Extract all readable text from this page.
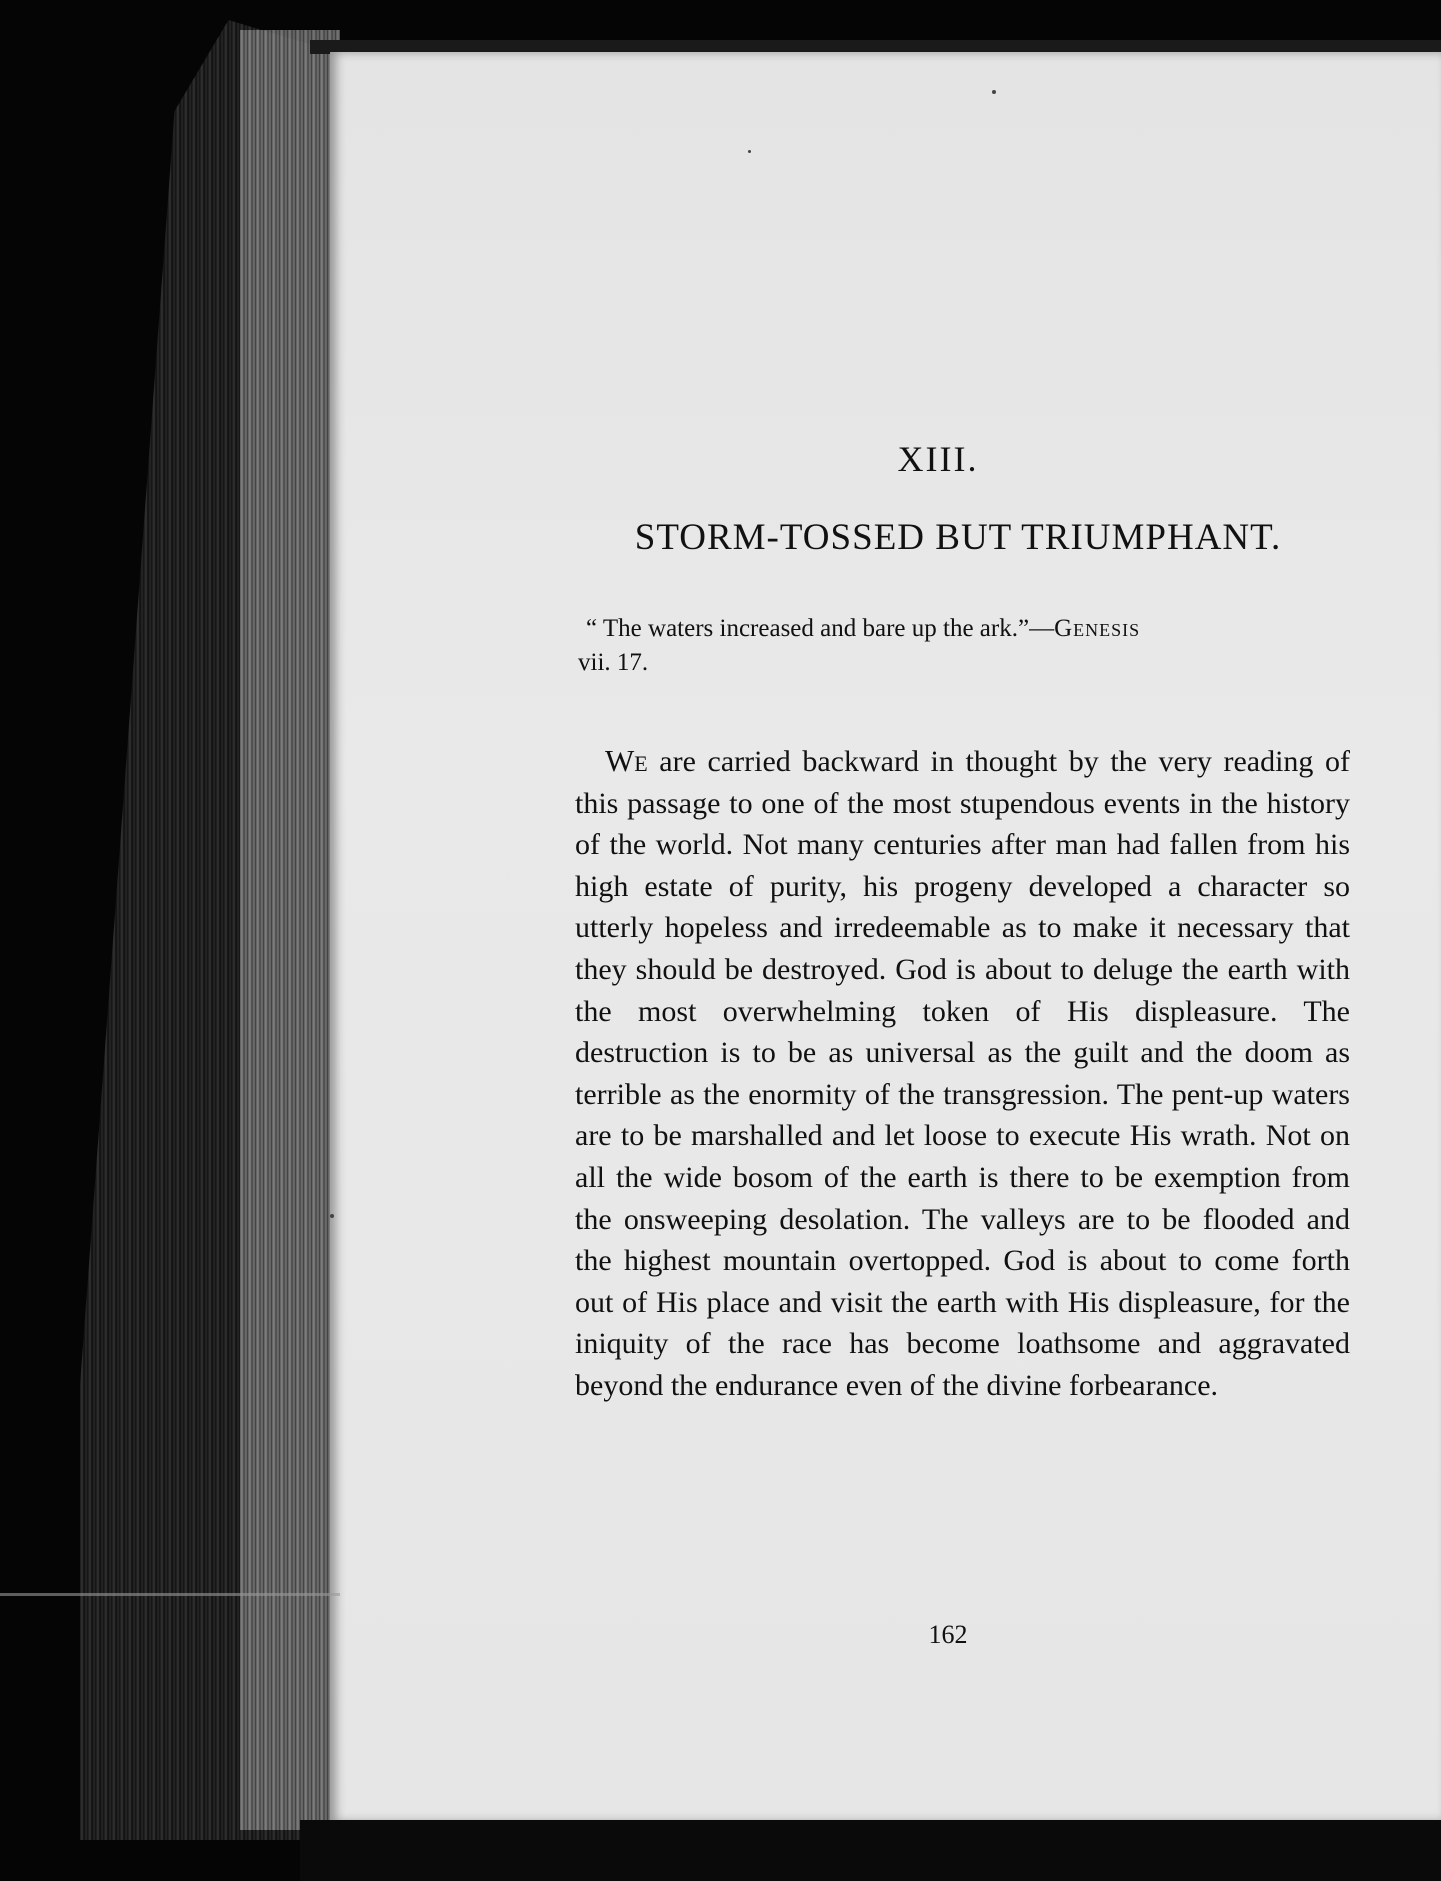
XIII.
STORM-TOSSED BUT TRIUMPHANT.
“ The waters increased and bare up the ark.”—Genesis
vii. 17.
We are carried backward in thought by the very reading of this passage to one of the most stupendous events in the history of the world. Not many centuries after man had fallen from his high estate of purity, his progeny developed a character so utterly hopeless and irredeemable as to make it necessary that they should be destroyed. God is about to deluge the earth with the most overwhelming token of His displeasure. The destruction is to be as universal as the guilt and the doom as terrible as the enormity of the transgression. The pent-up waters are to be marshalled and let loose to execute His wrath. Not on all the wide bosom of the earth is there to be exemption from the onsweeping desolation. The valleys are to be flooded and the highest mountain overtopped. God is about to come forth out of His place and visit the earth with His displeasure, for the iniquity of the race has become loathsome and aggravated beyond the endurance even of the divine forbearance.
162
